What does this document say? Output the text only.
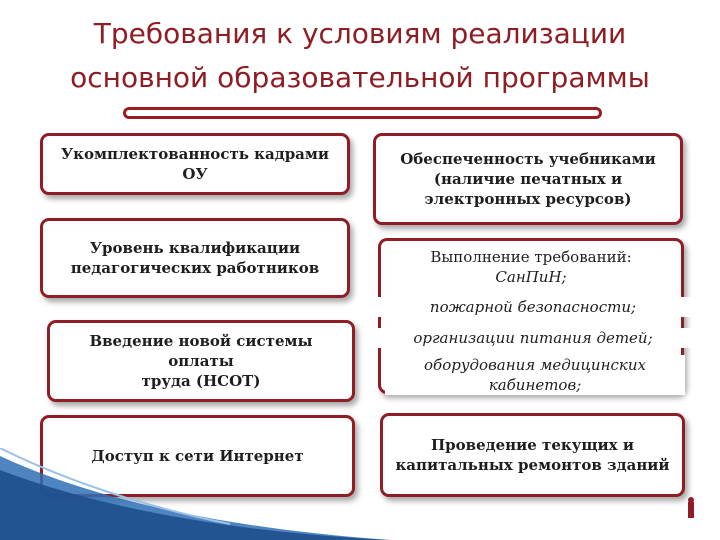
Требования к условиям реализации
основной образовательной программы
Укомплектованность кадрами ОУ
Уровень квалификации
педагогических работников
Введение новой системы оплаты
труда (НСОТ)
Доступ к сети Интернет
Обеспеченность учебниками
(наличие печатных и
электронных ресурсов)
Выполнение требований:
СанПиН;
пожарной безопасности;
организации питания детей;
оборудования медицинских
кабинетов;
Проведение текущих и
капитальных ремонтов зданий
